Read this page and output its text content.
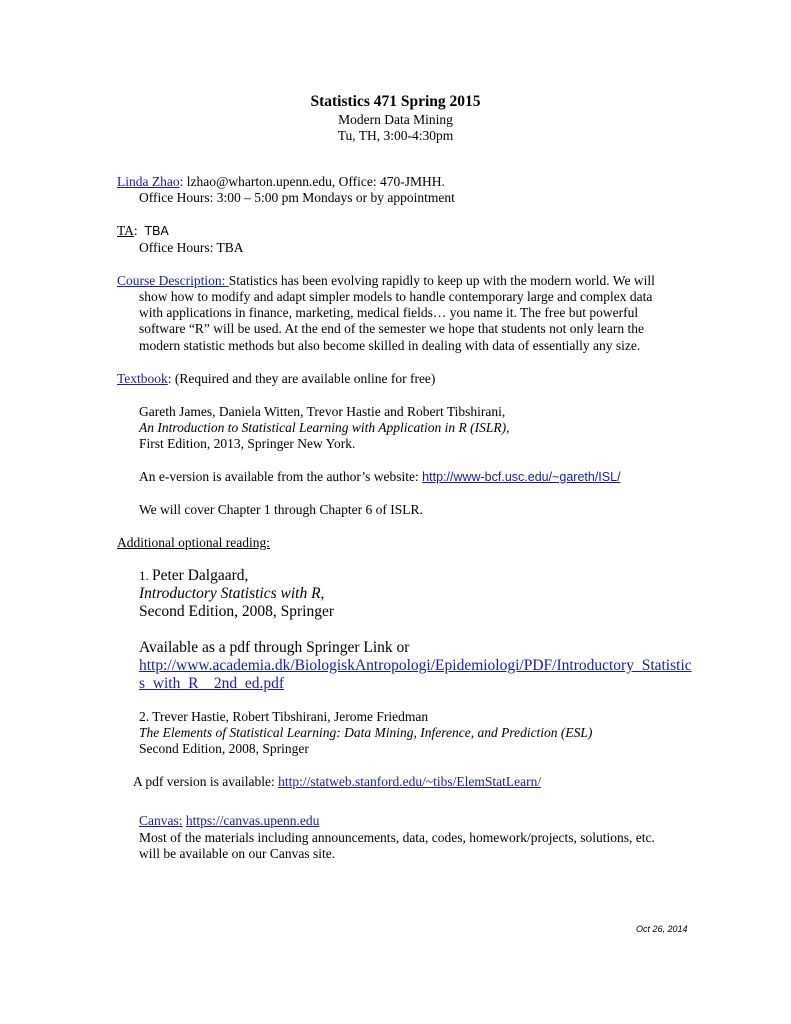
Statistics 471 Spring 2015
Modern Data Mining
Tu, TH, 3:00-4:30pm
Linda Zhao: lzhao@wharton.upenn.edu, Office: 470-JMHH.
Office Hours: 3:00 – 5:00 pm Mondays or by appointment
TA: TBA
Office Hours: TBA
Course Description: Statistics has been evolving rapidly to keep up with the modern world. We will
show how to modify and adapt simpler models to handle contemporary large and complex data
with applications in finance, marketing, medical fields… you name it. The free but powerful
software “R” will be used. At the end of the semester we hope that students not only learn the
modern statistic methods but also become skilled in dealing with data of essentially any size.
Textbook: (Required and they are available online for free)
Gareth James, Daniela Witten, Trevor Hastie and Robert Tibshirani,
An Introduction to Statistical Learning with Application in R (ISLR),
First Edition, 2013, Springer New York.
An e-version is available from the author’s website: http://www-bcf.usc.edu/~gareth/ISL/
We will cover Chapter 1 through Chapter 6 of ISLR.
Additional optional reading:
1. Peter Dalgaard,
Introductory Statistics with R,
Second Edition, 2008, Springer
Available as a pdf through Springer Link or
http://www.academia.dk/BiologiskAntropologi/Epidemiologi/PDF/Introductory_Statistic
s_with_R__2nd_ed.pdf
2. Trever Hastie, Robert Tibshirani, Jerome Friedman
The Elements of Statistical Learning: Data Mining, Inference, and Prediction (ESL)
Second Edition, 2008, Springer
A pdf version is available: http://statweb.stanford.edu/~tibs/ElemStatLearn/
Canvas: https://canvas.upenn.edu
Most of the materials including announcements, data, codes, homework/projects, solutions, etc.
will be available on our Canvas site.
Oct 26, 2014
